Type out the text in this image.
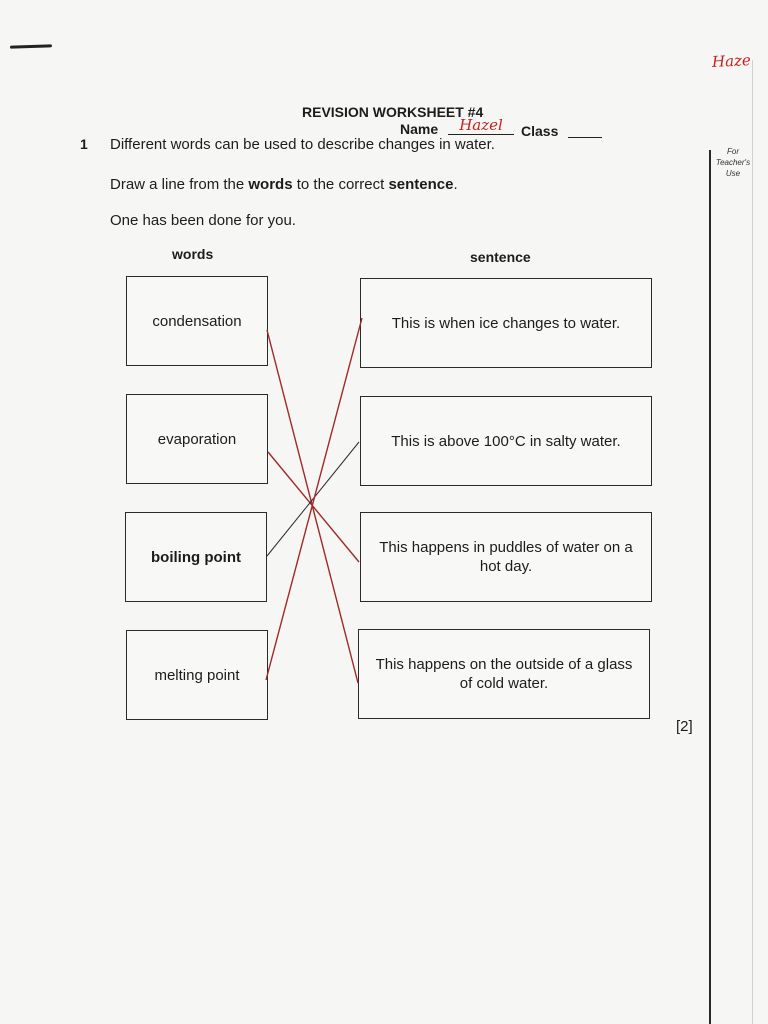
Haze
REVISION WORKSHEET #4
Name	Hazel	Class
For
Teacher's
Use
1 Different words can be used to describe changes in water.
Draw a line from the words to the correct sentence.
One has been done for you.
words	sentence
condensation
evaporation
boiling point
melting point
This is when ice changes to water.
This is above 100°C in salty water.
This happens in puddles of water on a hot day.
This happens on the outside of a glass of cold water.
[2]
